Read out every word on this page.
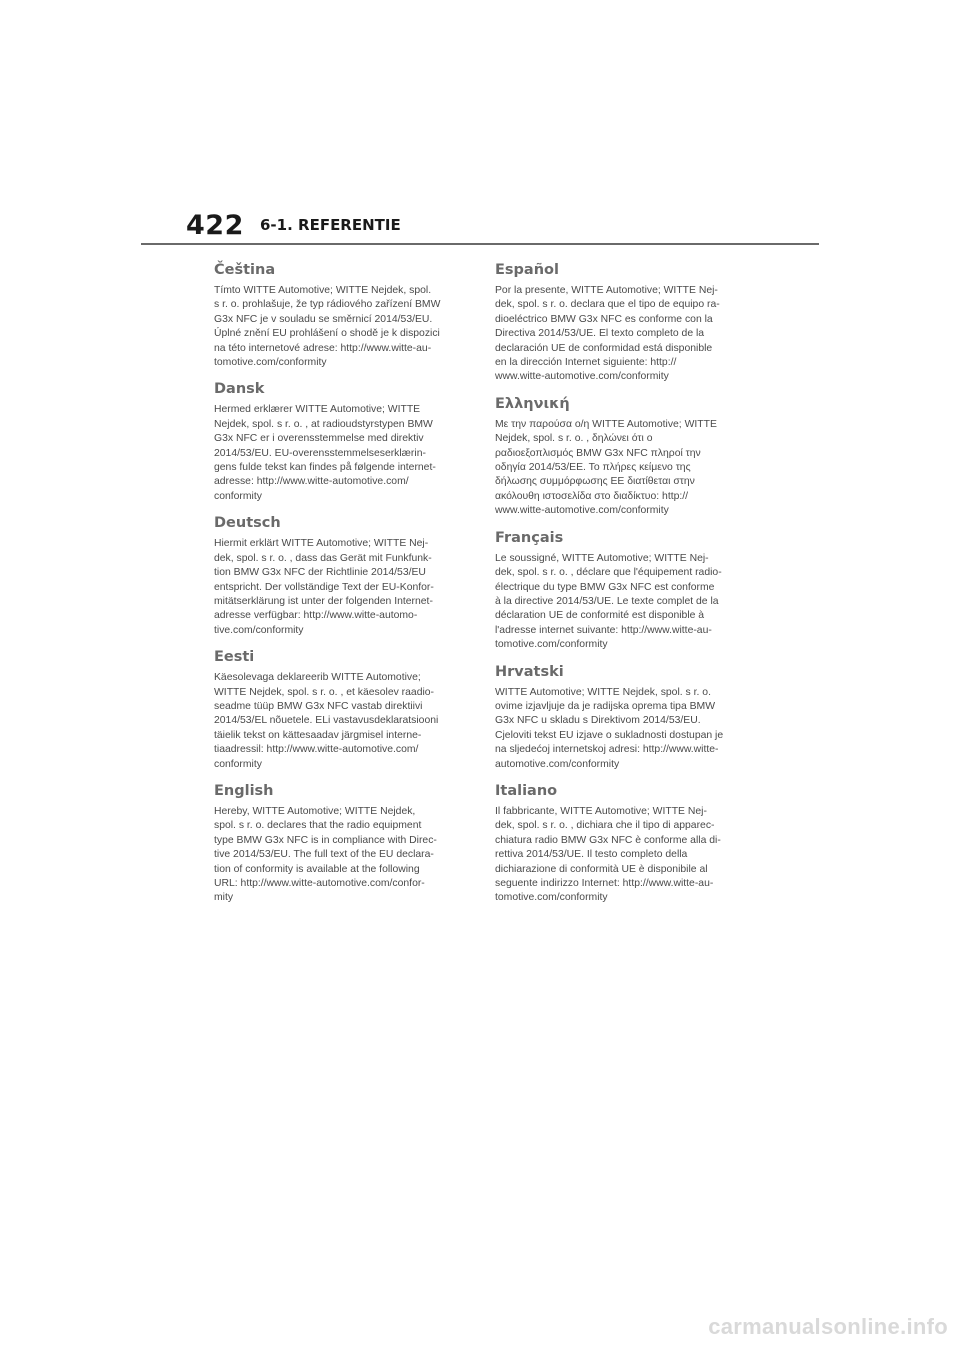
422 6-1. REFERENTIE
Čeština
Tímto WITTE Automotive; WITTE Nejdek, spol.
s r. o. prohlašuje, že typ rádiového zařízení BMW
G3x NFC je v souladu se směrnicí 2014/53/EU.
Úplné znění EU prohlášení o shodě je k dispozici
na této internetové adrese: http://www.witte-au-
tomotive.com/conformity
Dansk
Hermed erklærer WITTE Automotive; WITTE
Nejdek, spol. s r. o. , at radioudstyrstypen BMW
G3x NFC er i overensstemmelse med direktiv
2014/53/EU. EU-overensstemmelseserklærin-
gens fulde tekst kan findes på følgende internet-
adresse: http://www.witte-automotive.com/
conformity
Deutsch
Hiermit erklärt WITTE Automotive; WITTE Nej-
dek, spol. s r. o. , dass das Gerät mit Funkfunk-
tion BMW G3x NFC der Richtlinie 2014/53/EU
entspricht. Der vollständige Text der EU-Konfor-
mitätserklärung ist unter der folgenden Internet-
adresse verfügbar: http://www.witte-automo-
tive.com/conformity
Eesti
Käesolevaga deklareerib WITTE Automotive;
WITTE Nejdek, spol. s r. o. , et käesolev raadio-
seadme tüüp BMW G3x NFC vastab direktiivi
2014/53/EL nõuetele. ELi vastavusdeklaratsiooni
täielik tekst on kättesaadav järgmisel interne-
tiaadressil: http://www.witte-automotive.com/
conformity
English
Hereby, WITTE Automotive; WITTE Nejdek,
spol. s r. o. declares that the radio equipment
type BMW G3x NFC is in compliance with Direc-
tive 2014/53/EU. The full text of the EU declara-
tion of conformity is available at the following
URL: http://www.witte-automotive.com/confor-
mity
Español
Por la presente, WITTE Automotive; WITTE Nej-
dek, spol. s r. o. declara que el tipo de equipo ra-
dioeléctrico BMW G3x NFC es conforme con la
Directiva 2014/53/UE. El texto completo de la
declaración UE de conformidad está disponible
en la dirección Internet siguiente: http://
www.witte-automotive.com/conformity
Ελληνική
Με την παρούσα ο/η WITTE Automotive; WITTE
Nejdek, spol. s r. o. , δηλώνει ότι ο
ραδιοεξοπλισμός BMW G3x NFC πληροί την
οδηγία 2014/53/ΕΕ. Το πλήρες κείμενο της
δήλωσης συμμόρφωσης ΕΕ διατίθεται στην
ακόλουθη ιστοσελίδα στο διαδίκτυο: http://
www.witte-automotive.com/conformity
Français
Le soussigné, WITTE Automotive; WITTE Nej-
dek, spol. s r. o. , déclare que l'équipement radio-
électrique du type BMW G3x NFC est conforme
à la directive 2014/53/UE. Le texte complet de la
déclaration UE de conformité est disponible à
l'adresse internet suivante: http://www.witte-au-
tomotive.com/conformity
Hrvatski
WITTE Automotive; WITTE Nejdek, spol. s r. o.
ovime izjavljuje da je radijska oprema tipa BMW
G3x NFC u skladu s Direktivom 2014/53/EU.
Cjeloviti tekst EU izjave o sukladnosti dostupan je
na sljedećoj internetskoj adresi: http://www.witte-
automotive.com/conformity
Italiano
Il fabbricante, WITTE Automotive; WITTE Nej-
dek, spol. s r. o. , dichiara che il tipo di apparec-
chiatura radio BMW G3x NFC è conforme alla di-
rettiva 2014/53/UE. Il testo completo della
dichiarazione di conformità UE è disponibile al
seguente indirizzo Internet: http://www.witte-au-
tomotive.com/conformity
carmanualsonline.info
